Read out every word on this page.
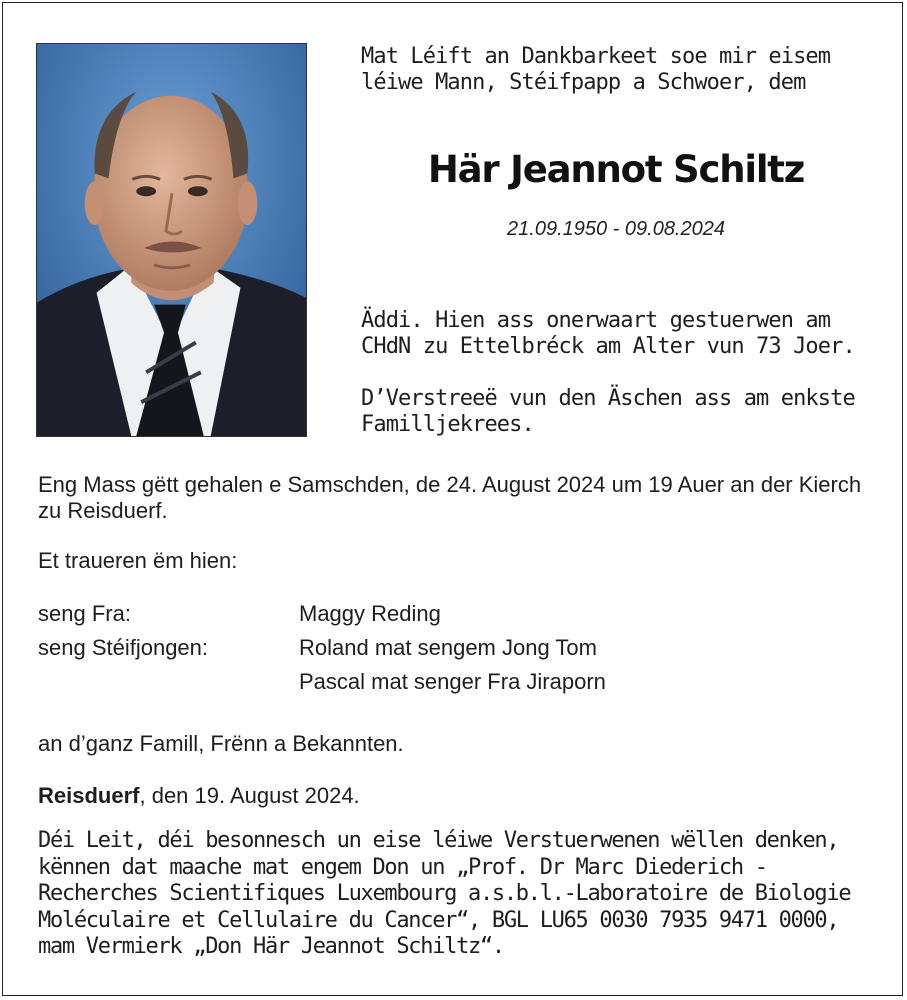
Mat Léift an Dankbarkeet soe mir eisem léiwe Mann, Stéifpapp a Schwoer, dem
Här Jeannot Schiltz
21.09.1950 - 09.08.2024
Äddi. Hien ass onerwaart gestuerwen am CHdN zu Ettelbréck am Alter vun 73 Joer.
D’Verstreeë vun den Äschen ass am enkste Familljekrees.
Eng Mass gëtt gehalen e Samschden, de 24. August 2024 um 19 Auer an der Kierch zu Reisduerf.
Et traueren ëm hien:
seng Fra:	Maggy Reding
seng Stéifjongen:	Roland mat sengem Jong Tom
Pascal mat senger Fra Jiraporn
an d’ganz Famill, Frënn a Bekannten.
Reisduerf, den 19. August 2024.
Déi Leit, déi besonnesch un eise léiwe Verstuerwenen wëllen denken, kënnen dat maache mat engem Don un „Prof. Dr Marc Diederich - Recherches Scientifiques Luxembourg a.s.b.l.-Laboratoire de Biologie Moléculaire et Cellulaire du Cancer“, BGL LU65 0030 7935 9471 0000, mam Vermierk „Don Här Jeannot Schiltz“.
